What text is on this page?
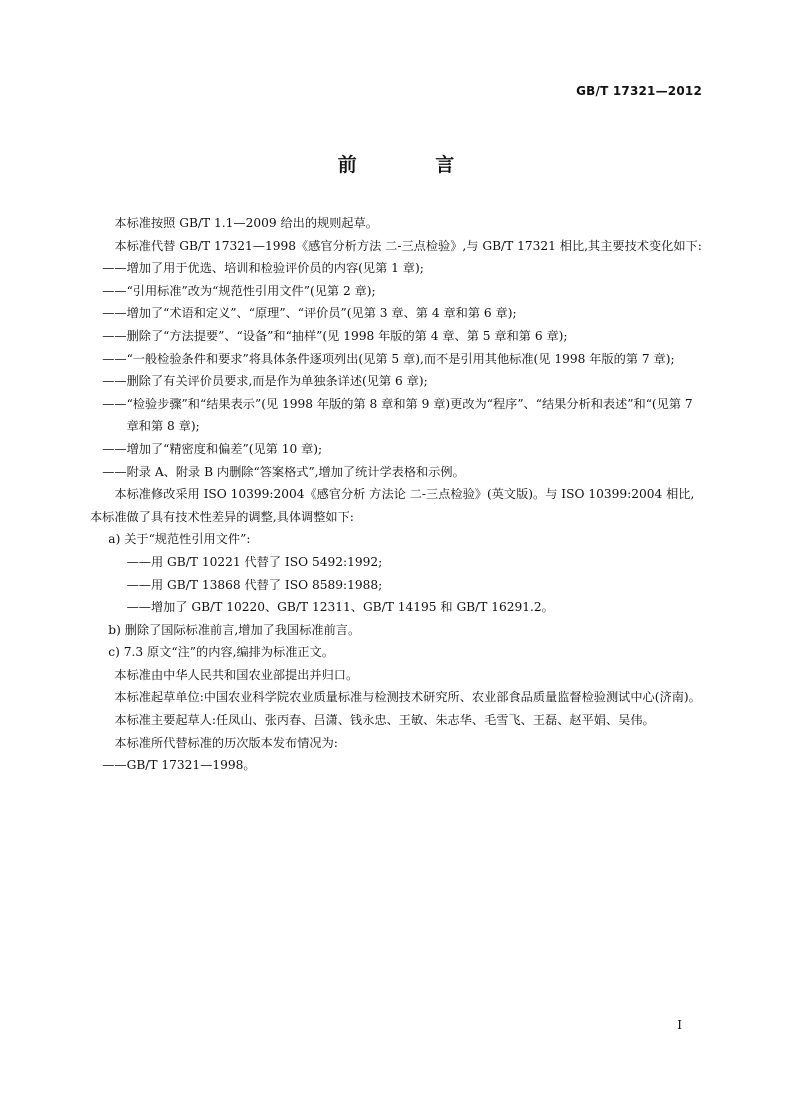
GB/T 17321—2012
前 言

本标准按照 GB/T 1.1—2009 给出的规则起草。

本标准代替 GB/T 17321—1998《感官分析方法 二-三点检验》,与 GB/T 17321 相比,其主要技术变化如下:

——增加了用于优选、培训和检验评价员的内容(见第 1 章);

——“引用标准”改为“规范性引用文件”(见第 2 章);

——增加了“术语和定义”、“原理”、“评价员”(见第 3 章、第 4 章和第 6 章);

——删除了“方法提要”、“设备”和“抽样”(见 1998 年版的第 4 章、第 5 章和第 6 章);

——“一般检验条件和要求”将具体条件逐项列出(见第 5 章),而不是引用其他标准(见 1998 年版的第 7 章);

——删除了有关评价员要求,而是作为单独条详述(见第 6 章);

——“检验步骤”和“结果表示”(见 1998 年版的第 8 章和第 9 章)更改为“程序”、“结果分析和表述”和“(见第 7 章和第 8 章);

——增加了“精密度和偏差”(见第 10 章);

——附录 A、附录 B 内删除“答案格式”,增加了统计学表格和示例。

本标准修改采用 ISO 10399:2004《感官分析 方法论 二-三点检验》(英文版)。与 ISO 10399:2004 相比,本标准做了具有技术性差异的调整,具体调整如下:

a) 关于“规范性引用文件”:

——用 GB/T 10221 代替了 ISO 5492:1992;

——用 GB/T 13868 代替了 ISO 8589:1988;

——增加了 GB/T 10220、GB/T 12311、GB/T 14195 和 GB/T 16291.2。

b) 删除了国际标准前言,增加了我国标准前言。

c) 7.3 原文“注”的内容,编排为标准正文。

本标准由中华人民共和国农业部提出并归口。

本标准起草单位:中国农业科学院农业质量标准与检测技术研究所、农业部食品质量监督检验测试中心(济南)。

本标准主要起草人:任凤山、张丙春、吕潇、钱永忠、王敏、朱志华、毛雪飞、王磊、赵平娟、吴伟。

本标准所代替标准的历次版本发布情况为:

——GB/T 17321—1998。

I
